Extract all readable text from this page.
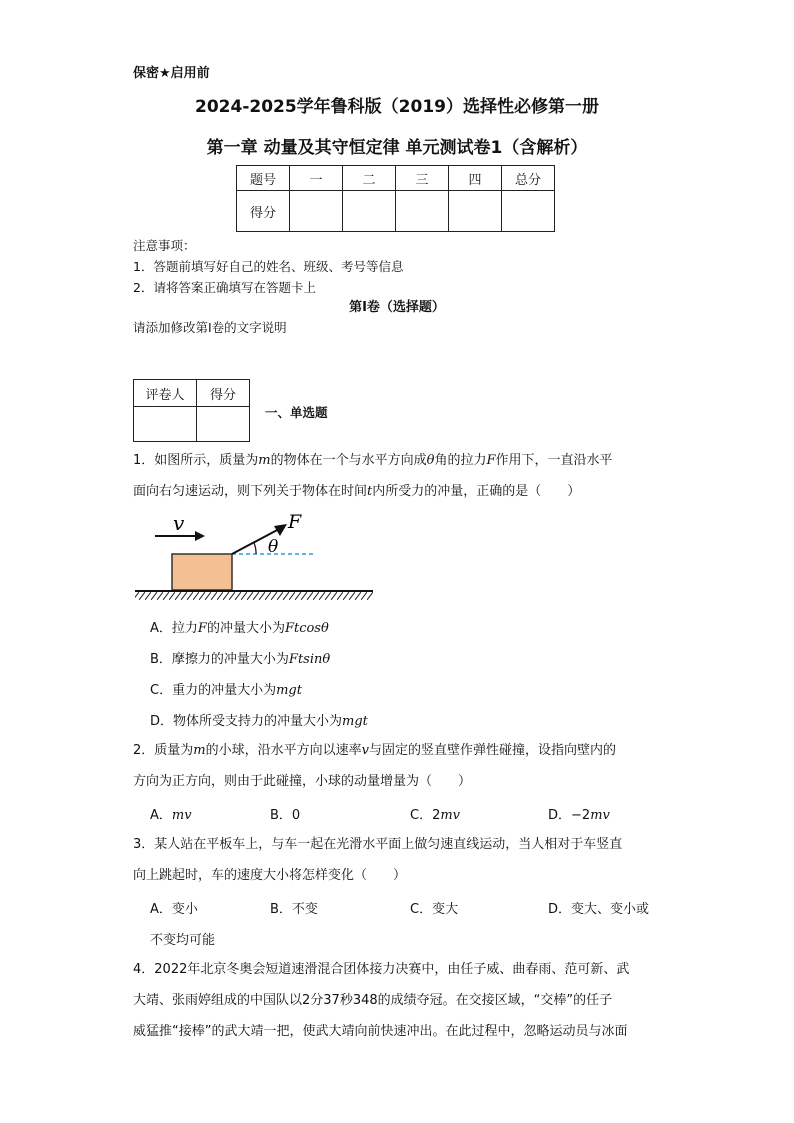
保密★启用前
2024-2025学年鲁科版（2019）选择性必修第一册
第一章 动量及其守恒定律 单元测试卷1（含解析）
题号	一	二	三	四	总分
得分					
注意事项：
1．答题前填写好自己的姓名、班级、考号等信息
2．请将答案正确填写在答题卡上
第I卷（选择题）
请添加修改第I卷的文字说明
评卷人	得分

一、单选题
1．如图所示，质量为m的物体在一个与水平方向成θ角的拉力F作用下，一直沿水平
面向右匀速运动，则下列关于物体在时间t内所受力的冲量，正确的是（　　）
v	F
θ
A．拉力F的冲量大小为Ftcosθ
B．摩擦力的冲量大小为Ftsinθ
C．重力的冲量大小为mgt
D．物体所受支持力的冲量大小为mgt
2．质量为m的小球，沿水平方向以速率v与固定的竖直壁作弹性碰撞，设指向壁内的
方向为正方向，则由于此碰撞，小球的动量增量为（　　）
A．mv	B．0	C．2mv	D．−2mv
3．某人站在平板车上，与车一起在光滑水平面上做匀速直线运动，当人相对于车竖直
向上跳起时，车的速度大小将怎样变化（　　）
A．变小	B．不变	C．变大	D．变大、变小或
不变均可能
4．2022年北京冬奥会短道速滑混合团体接力决赛中，由任子威、曲春雨、范可新、武
大靖、张雨婷组成的中国队以2分37秒348的成绩夺冠。在交接区域，“交棒”的任子
威猛推“接棒”的武大靖一把，使武大靖向前快速冲出。在此过程中，忽略运动员与冰面
